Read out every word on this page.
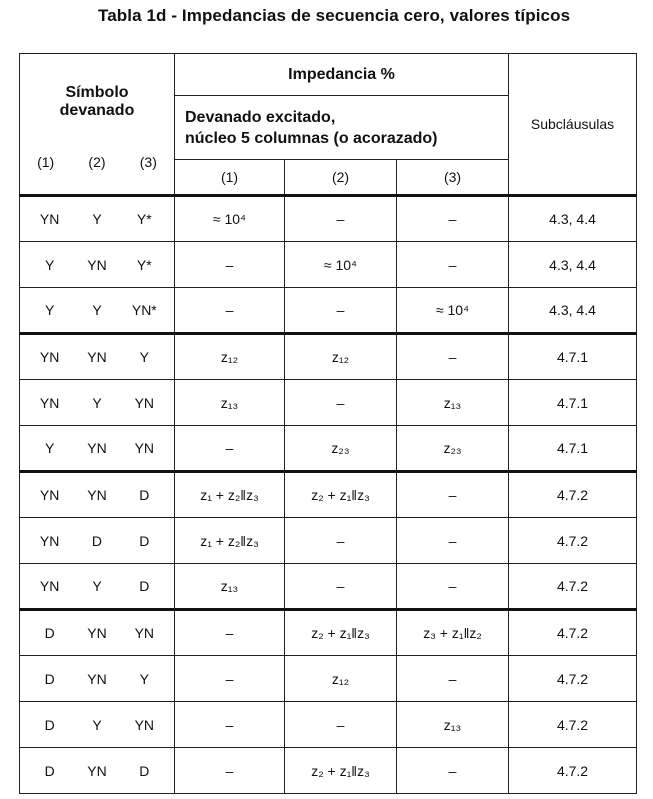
Tabla 1d - Impedancias de secuencia cero, valores típicos
Símbolo
devanado
(1) (2) (3)	Impedancia %			Subcláusulas

	Devanado excitado,
núcleo 5 columnas (o acorazado)			

	(1)	(2)	(3)	

YN Y Y*	≈ 10⁴	–	–	4.3, 4.4

Y YN Y*	–	≈ 10⁴	–	4.3, 4.4

Y Y YN*	–	–	≈ 10⁴	4.3, 4.4

YN YN Y	z₁₂	z₁₂	–	4.7.1

YN Y YN	z₁₃	–	z₁₃	4.7.1

Y YN YN	–	z₂₃	z₂₃	4.7.1

YN YN D	z₁ + z₂‖z₃	z₂ + z₁‖z₃	–	4.7.2

YN D D	z₁ + z₂‖z₃	–	–	4.7.2

YN Y D	z₁₃	–	–	4.7.2

D YN YN	–	z₂ + z₁‖z₃	z₃ + z₁‖z₂	4.7.2

D YN Y	–	z₁₂	–	4.7.2

D Y YN	–	–	z₁₃	4.7.2

D YN D	–	z₂ + z₁‖z₃	–	4.7.2
